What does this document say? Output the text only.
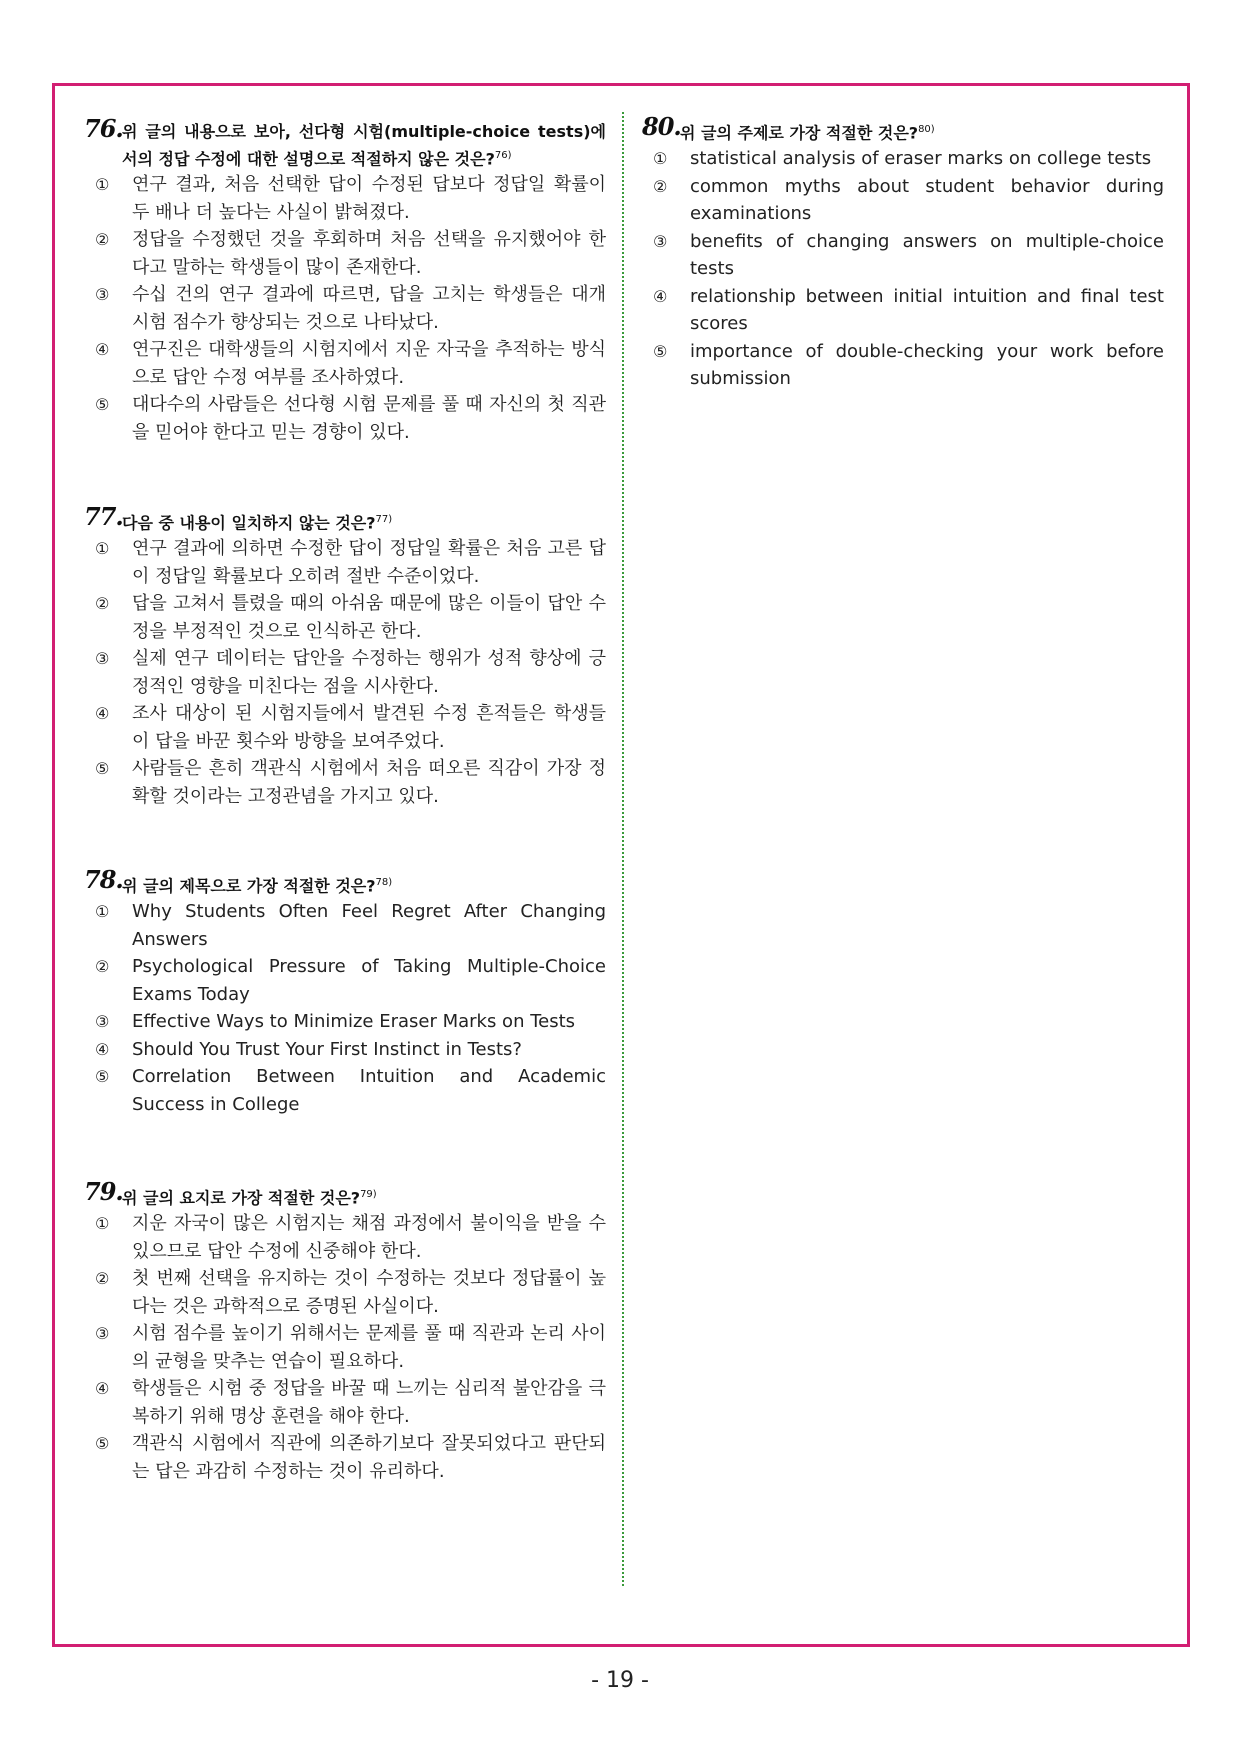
76. 위 글의 내용으로 보아, 선다형 시험(multiple-choice tests)에서의 정답 수정에 대한 설명으로 적절하지 않은 것은?$^{76)}$
① 연구 결과, 처음 선택한 답이 수정된 답보다 정답일 확률이 두 배나 더 높다는 사실이 밝혀졌다.
② 정답을 수정했던 것을 후회하며 처음 선택을 유지했어야 한다고 말하는 학생들이 많이 존재한다.
③ 수십 건의 연구 결과에 따르면, 답을 고치는 학생들은 대개 시험 점수가 향상되는 것으로 나타났다.
④ 연구진은 대학생들의 시험지에서 지운 자국을 추적하는 방식으로 답안 수정 여부를 조사하였다.
⑤ 대다수의 사람들은 선다형 시험 문제를 풀 때 자신의 첫 직관을 믿어야 한다고 믿는 경향이 있다.
77. 다음 중 내용이 일치하지 않는 것은?$^{77)}$
① 연구 결과에 의하면 수정한 답이 정답일 확률은 처음 고른 답이 정답일 확률보다 오히려 절반 수준이었다.
② 답을 고쳐서 틀렸을 때의 아쉬움 때문에 많은 이들이 답안 수정을 부정적인 것으로 인식하곤 한다.
③ 실제 연구 데이터는 답안을 수정하는 행위가 성적 향상에 긍정적인 영향을 미친다는 점을 시사한다.
④ 조사 대상이 된 시험지들에서 발견된 수정 흔적들은 학생들이 답을 바꾼 횟수와 방향을 보여주었다.
⑤ 사람들은 흔히 객관식 시험에서 처음 떠오른 직감이 가장 정확할 것이라는 고정관념을 가지고 있다.
78. 위 글의 제목으로 가장 적절한 것은?$^{78)}$
① Why Students Often Feel Regret After Changing Answers
② Psychological Pressure of Taking Multiple-Choice Exams Today
③ Effective Ways to Minimize Eraser Marks on Tests
④ Should You Trust Your First Instinct in Tests?
⑤ Correlation Between Intuition and Academic Success in College
79. 위 글의 요지로 가장 적절한 것은?$^{79)}$
① 지운 자국이 많은 시험지는 채점 과정에서 불이익을 받을 수 있으므로 답안 수정에 신중해야 한다.
② 첫 번째 선택을 유지하는 것이 수정하는 것보다 정답률이 높다는 것은 과학적으로 증명된 사실이다.
③ 시험 점수를 높이기 위해서는 문제를 풀 때 직관과 논리 사이의 균형을 맞추는 연습이 필요하다.
④ 학생들은 시험 중 정답을 바꿀 때 느끼는 심리적 불안감을 극복하기 위해 명상 훈련을 해야 한다.
⑤ 객관식 시험에서 직관에 의존하기보다 잘못되었다고 판단되는 답은 과감히 수정하는 것이 유리하다.
80. 위 글의 주제로 가장 적절한 것은?$^{80)}$
① statistical analysis of eraser marks on college tests
② common myths about student behavior during examinations
③ benefits of changing answers on multiple-choice tests
④ relationship between initial intuition and final test scores
⑤ importance of double-checking your work before submission
- 19 -
